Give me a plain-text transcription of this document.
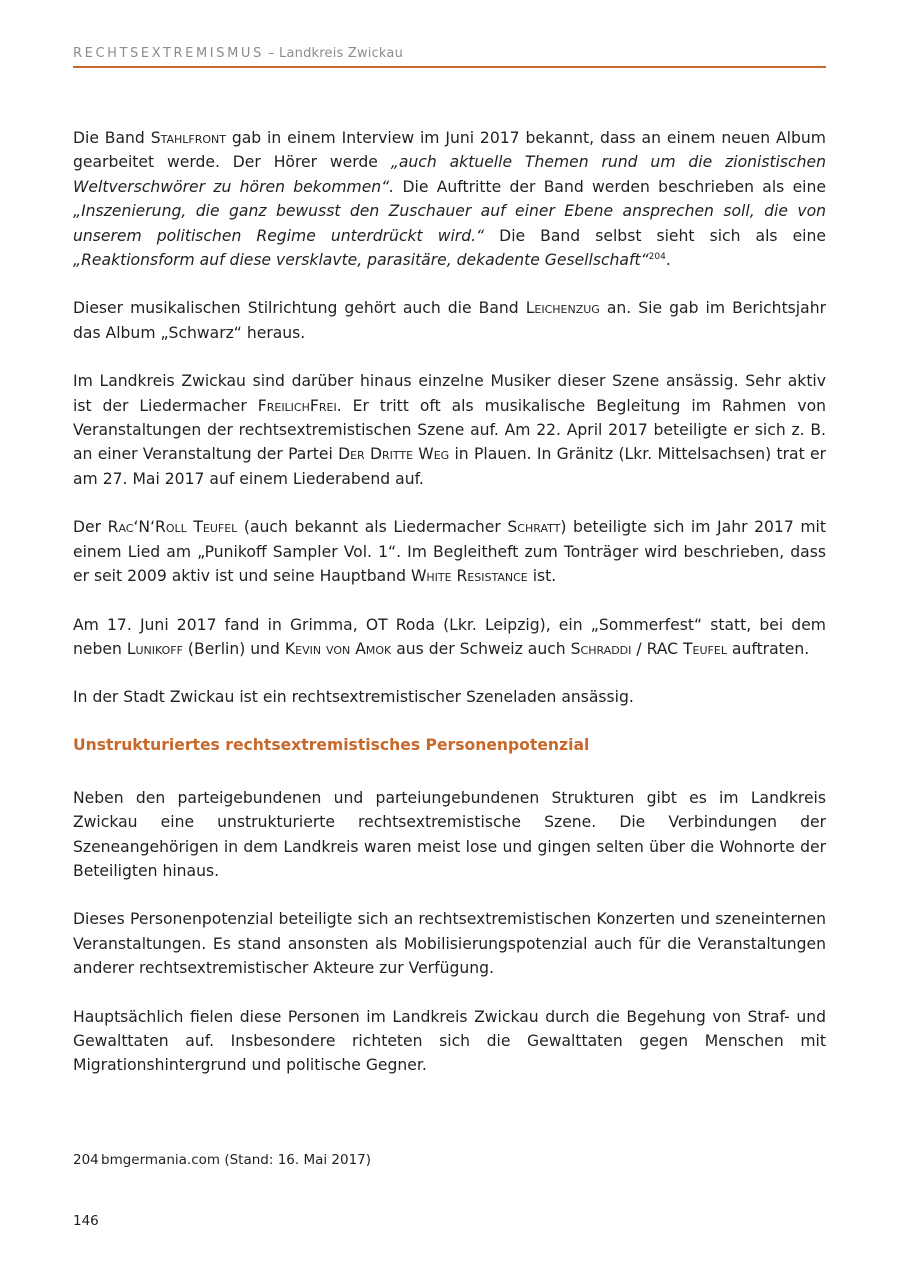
RECHTSEXTREMISMUS – Landkreis Zwickau

Die Band Stahlfront gab in einem Interview im Juni 2017 bekannt, dass an einem neuen Album gearbeitet werde. Der Hörer werde „auch aktuelle Themen rund um die zionistischen Weltverschwörer zu hören bekommen“. Die Auftritte der Band werden beschrieben als eine „Inszenierung, die ganz bewusst den Zuschauer auf einer Ebene ansprechen soll, die von unserem politischen Regime unterdrückt wird.“ Die Band selbst sieht sich als eine „Reaktionsform auf diese versklavte, parasitäre, dekadente Gesellschaft“$^{204}$.

Dieser musikalischen Stilrichtung gehört auch die Band Leichenzug an. Sie gab im Berichtsjahr das Album „Schwarz“ heraus.

Im Landkreis Zwickau sind darüber hinaus einzelne Musiker dieser Szene ansässig. Sehr aktiv ist der Liedermacher FreilichFrei. Er tritt oft als musikalische Begleitung im Rahmen von Veranstaltungen der rechtsextremistischen Szene auf. Am 22. April 2017 beteiligte er sich z. B. an einer Veranstaltung der Partei Der Dritte Weg in Plauen. In Gränitz (Lkr. Mittelsachsen) trat er am 27. Mai 2017 auf einem Liederabend auf.

Der Rac‘N‘Roll Teufel (auch bekannt als Liedermacher Schratt) beteiligte sich im Jahr 2017 mit einem Lied am „Punikoff Sampler Vol. 1“. Im Begleitheft zum Tonträger wird beschrieben, dass er seit 2009 aktiv ist und seine Hauptband White Resistance ist.

Am 17. Juni 2017 fand in Grimma, OT Roda (Lkr. Leipzig), ein „Sommerfest“ statt, bei dem neben Lunikoff (Berlin) und Kevin von Amok aus der Schweiz auch Schraddi / RAC Teufel auftraten.

In der Stadt Zwickau ist ein rechtsextremistischer Szeneladen ansässig.

Unstrukturiertes rechtsextremistisches Personenpotenzial

Neben den parteigebundenen und parteiungebundenen Strukturen gibt es im Landkreis Zwickau eine unstrukturierte rechtsextremistische Szene. Die Verbindungen der Szeneangehörigen in dem Landkreis waren meist lose und gingen selten über die Wohnorte der Beteiligten hinaus.

Dieses Personenpotenzial beteiligte sich an rechtsextremistischen Konzerten und szeneinternen Veranstaltungen. Es stand ansonsten als Mobilisierungspotenzial auch für die Veranstaltungen anderer rechtsextremistischer Akteure zur Verfügung.

Hauptsächlich fielen diese Personen im Landkreis Zwickau durch die Begehung von Straf- und Gewalttaten auf. Insbesondere richteten sich die Gewalttaten gegen Menschen mit Migrationshintergrund und politische Gegner.

204 bmgermania.com (Stand: 16. Mai 2017)
146
